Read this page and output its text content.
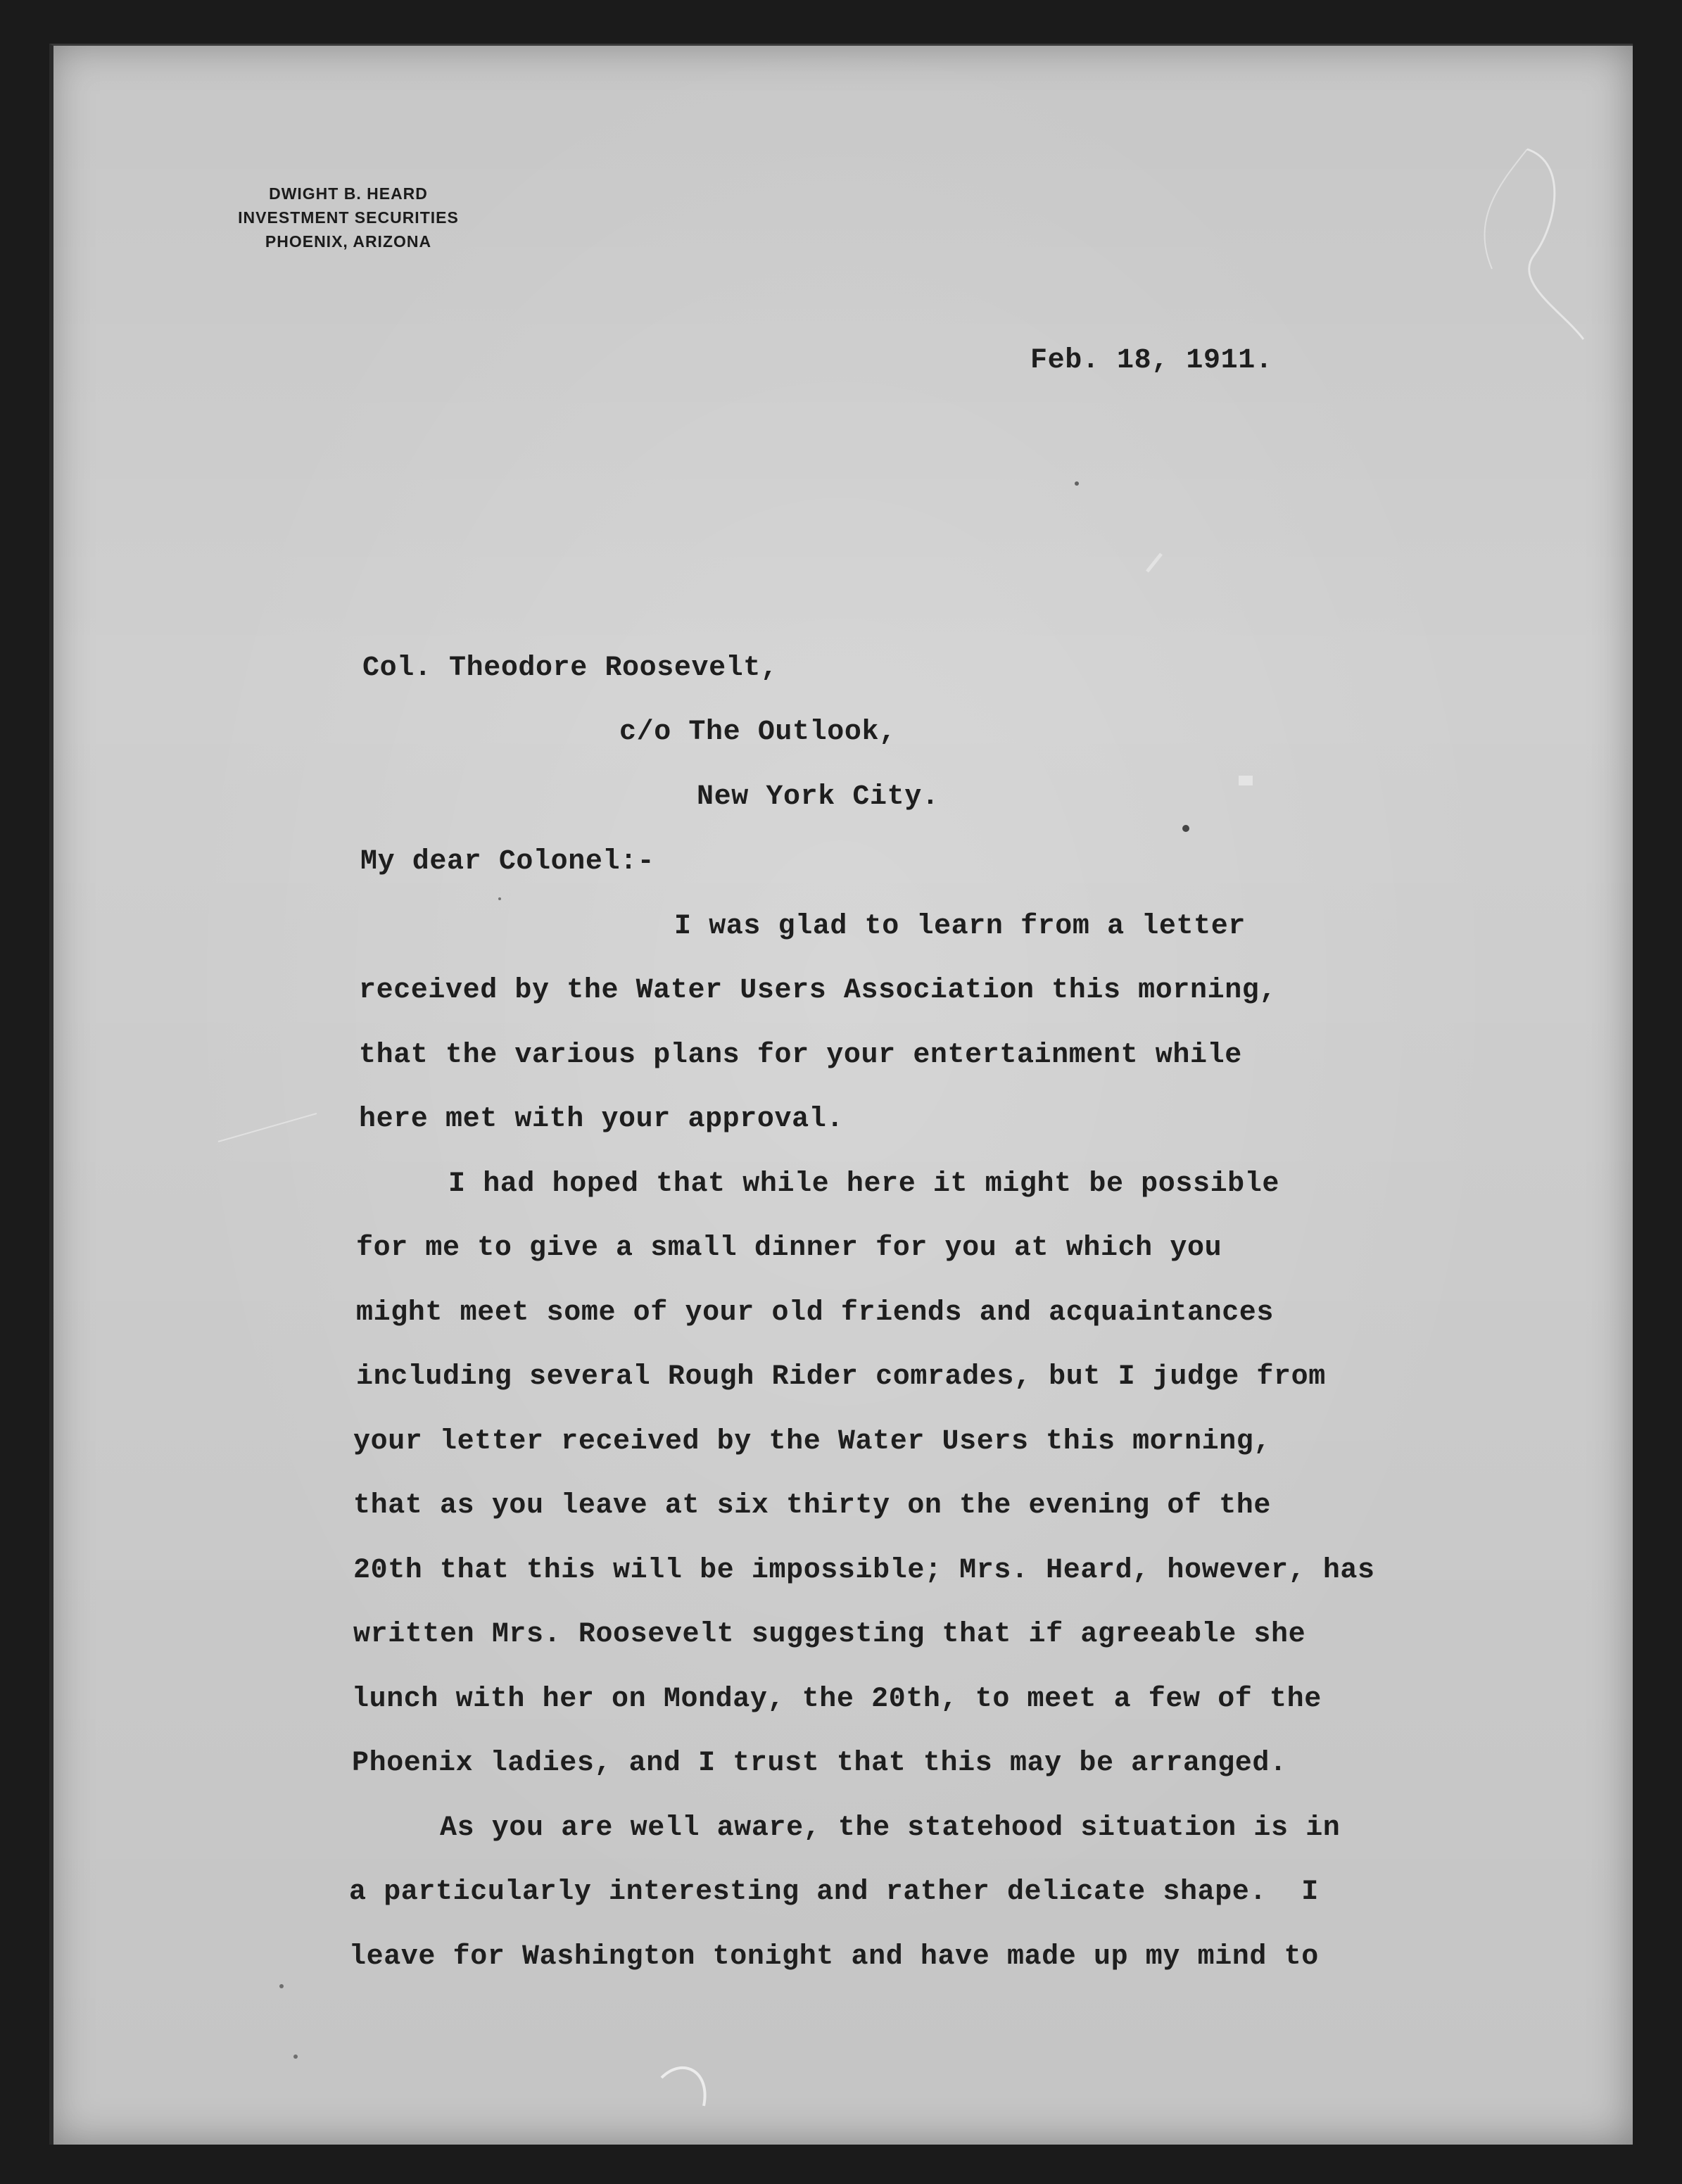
DWIGHT B. HEARD
INVESTMENT SECURITIES
PHOENIX, ARIZONA
Feb. 18, 1911.
Col. Theodore Roosevelt,
c/o The Outlook,
New York City.
My dear Colonel:-
I was glad to learn from a letter
received by the Water Users Association this morning,
that the various plans for your entertainment while
here met with your approval.
I had hoped that while here it might be possible
for me to give a small dinner for you at which you
might meet some of your old friends and acquaintances
including several Rough Rider comrades, but I judge from
your letter received by the Water Users this morning,
that as you leave at six thirty on the evening of the
20th that this will be impossible; Mrs. Heard, however, has
written Mrs. Roosevelt suggesting that if agreeable she
lunch with her on Monday, the 20th, to meet a few of the
Phoenix ladies, and I trust that this may be arranged.
As you are well aware, the statehood situation is in
a particularly interesting and rather delicate shape.  I
leave for Washington tonight and have made up my mind to
